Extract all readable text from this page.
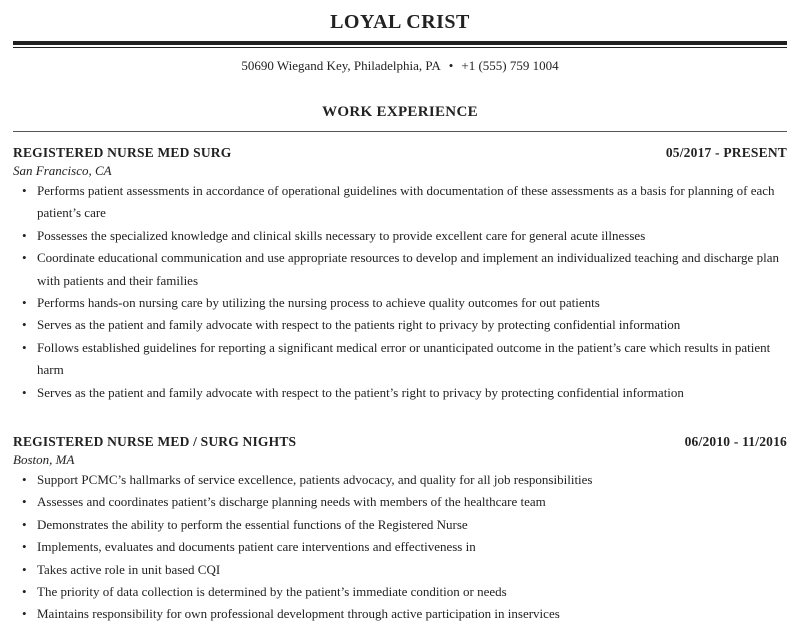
LOYAL CRIST
50690 Wiegand Key, Philadelphia, PA • +1 (555) 759 1004
WORK EXPERIENCE
REGISTERED NURSE MED SURG	05/2017 - PRESENT
San Francisco, CA
• Performs patient assessments in accordance of operational guidelines with documentation of these assessments as a basis for planning of each patient’s care
• Possesses the specialized knowledge and clinical skills necessary to provide excellent care for general acute illnesses
• Coordinate educational communication and use appropriate resources to develop and implement an individualized teaching and discharge plan with patients and their families
• Performs hands-on nursing care by utilizing the nursing process to achieve quality outcomes for out patients
• Serves as the patient and family advocate with respect to the patients right to privacy by protecting confidential information
• Follows established guidelines for reporting a significant medical error or unanticipated outcome in the patient’s care which results in patient harm
• Serves as the patient and family advocate with respect to the patient’s right to privacy by protecting confidential information
REGISTERED NURSE MED / SURG NIGHTS	06/2010 - 11/2016
Boston, MA
• Support PCMC’s hallmarks of service excellence, patients advocacy, and quality for all job responsibilities
• Assesses and coordinates patient’s discharge planning needs with members of the healthcare team
• Demonstrates the ability to perform the essential functions of the Registered Nurse
• Implements, evaluates and documents patient care interventions and effectiveness in
• Takes active role in unit based CQI
• The priority of data collection is determined by the patient’s immediate condition or needs
• Maintains responsibility for own professional development through active participation in inservices
